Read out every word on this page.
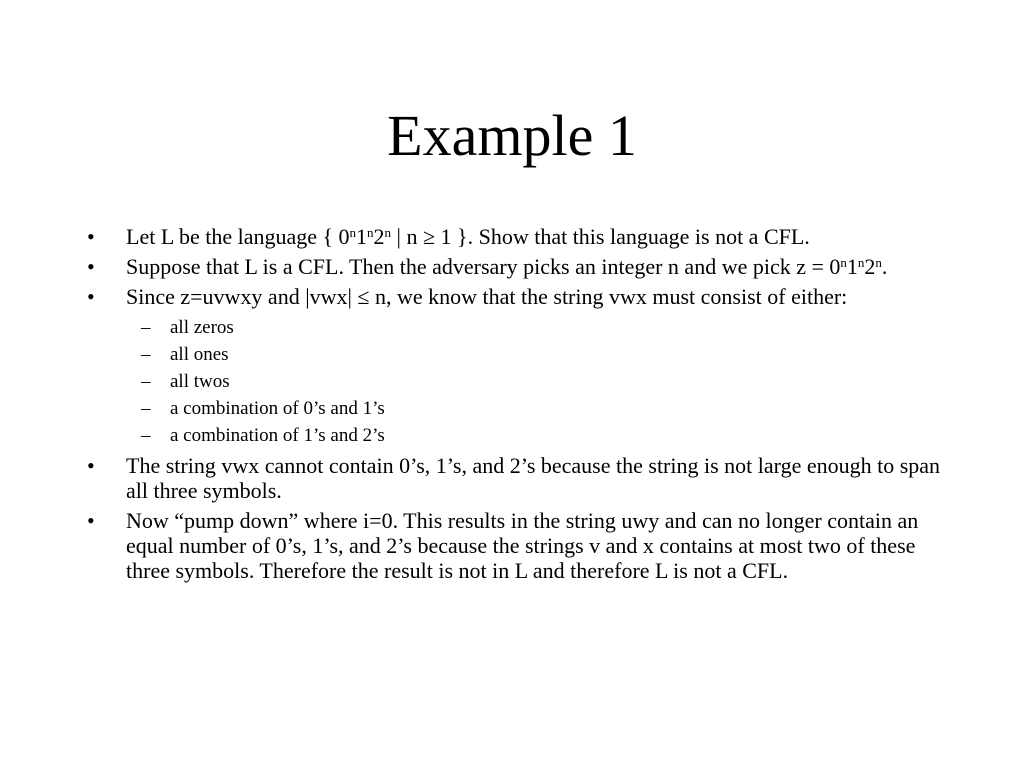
Example 1
• Let L be the language { 0$^n$1$^n$2$^n$ | n ≥ 1 }. Show that this language is not a CFL.
• Suppose that L is a CFL. Then the adversary picks an integer n and we pick $z = 0^n1^n2^n$.
• Since z=uvwxy and |vwx| ≤ n, we know that the string vwx must consist of either:
– all zeros
– all ones
– all twos
– a combination of 0’s and 1’s
– a combination of 1’s and 2’s
• The string vwx cannot contain 0’s, 1’s, and 2’s because the string is not large enough to span all three symbols.
• Now “pump down” where i=0. This results in the string uwy and can no longer contain an equal number of 0’s, 1’s, and 2’s because the strings v and x contains at most two of these three symbols. Therefore the result is not in L and therefore L is not a CFL.
